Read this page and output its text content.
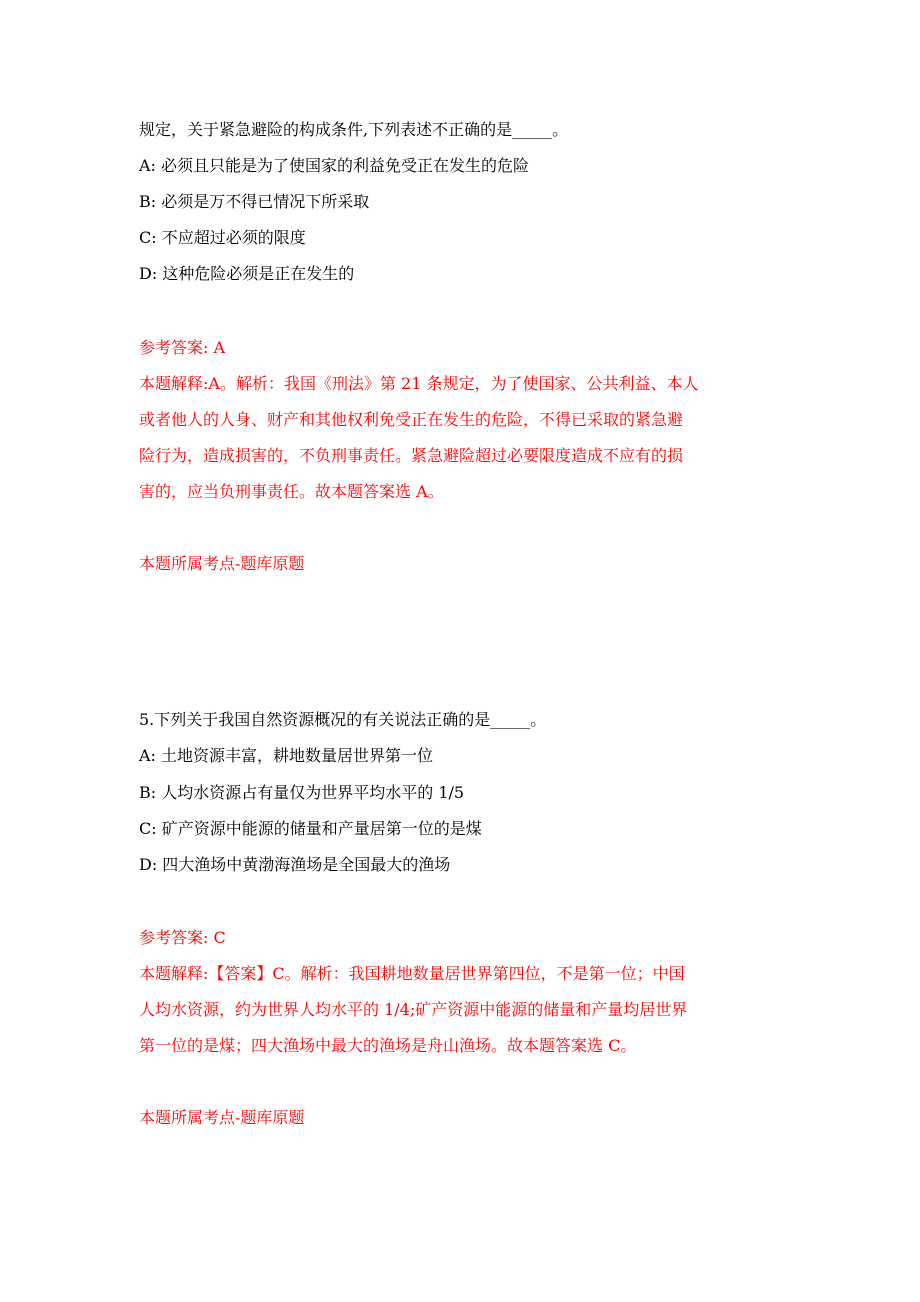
规定，关于紧急避险的构成条件,下列表述不正确的是_____。
A: 必须且只能是为了使国家的利益免受正在发生的危险
B: 必须是万不得已情况下所采取
C: 不应超过必须的限度
D: 这种危险必须是正在发生的
参考答案: A
本题解释:A。解析：我国《刑法》第 21 条规定，为了使国家、公共利益、本人
或者他人的人身、财产和其他权利免受正在发生的危险，不得已采取的紧急避
险行为，造成损害的，不负刑事责任。紧急避险超过必要限度造成不应有的损
害的，应当负刑事责任。故本题答案选 A。
本题所属考点-题库原题
5.下列关于我国自然资源概况的有关说法正确的是_____。
A: 土地资源丰富，耕地数量居世界第一位
B: 人均水资源占有量仅为世界平均水平的 1/5
C: 矿产资源中能源的储量和产量居第一位的是煤
D: 四大渔场中黄渤海渔场是全国最大的渔场
参考答案: C
本题解释:【答案】C。解析：我国耕地数量居世界第四位，不是第一位；中国
人均水资源，约为世界人均水平的 1/4;矿产资源中能源的储量和产量均居世界
第一位的是煤；四大渔场中最大的渔场是舟山渔场。故本题答案选 C。
本题所属考点-题库原题
